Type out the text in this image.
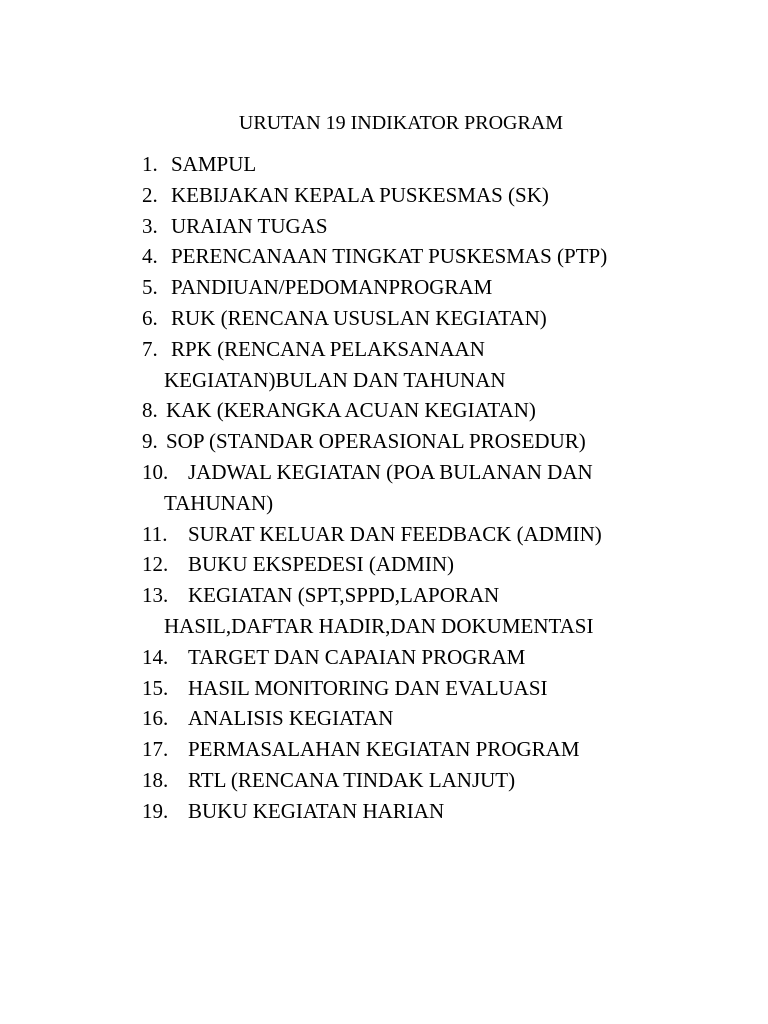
URUTAN 19 INDIKATOR PROGRAM
1. SAMPUL
2. KEBIJAKAN KEPALA PUSKESMAS (SK)
3. URAIAN TUGAS
4. PERENCANAAN TINGKAT PUSKESMAS (PTP)
5. PANDIUAN/PEDOMANPROGRAM
6. RUK (RENCANA USUSLAN KEGIATAN)
7. RPK (RENCANA PELAKSANAAN
KEGIATAN)BULAN DAN TAHUNAN
8. KAK (KERANGKA ACUAN KEGIATAN)
9. SOP (STANDAR OPERASIONAL PROSEDUR)
10. JADWAL KEGIATAN (POA BULANAN DAN
TAHUNAN)
11. SURAT KELUAR DAN FEEDBACK (ADMIN)
12. BUKU EKSPEDESI (ADMIN)
13. KEGIATAN (SPT,SPPD,LAPORAN
HASIL,DAFTAR HADIR,DAN DOKUMENTASI
14. TARGET DAN CAPAIAN PROGRAM
15. HASIL MONITORING DAN EVALUASI
16. ANALISIS KEGIATAN
17. PERMASALAHAN KEGIATAN PROGRAM
18. RTL (RENCANA TINDAK LANJUT)
19. BUKU KEGIATAN HARIAN
